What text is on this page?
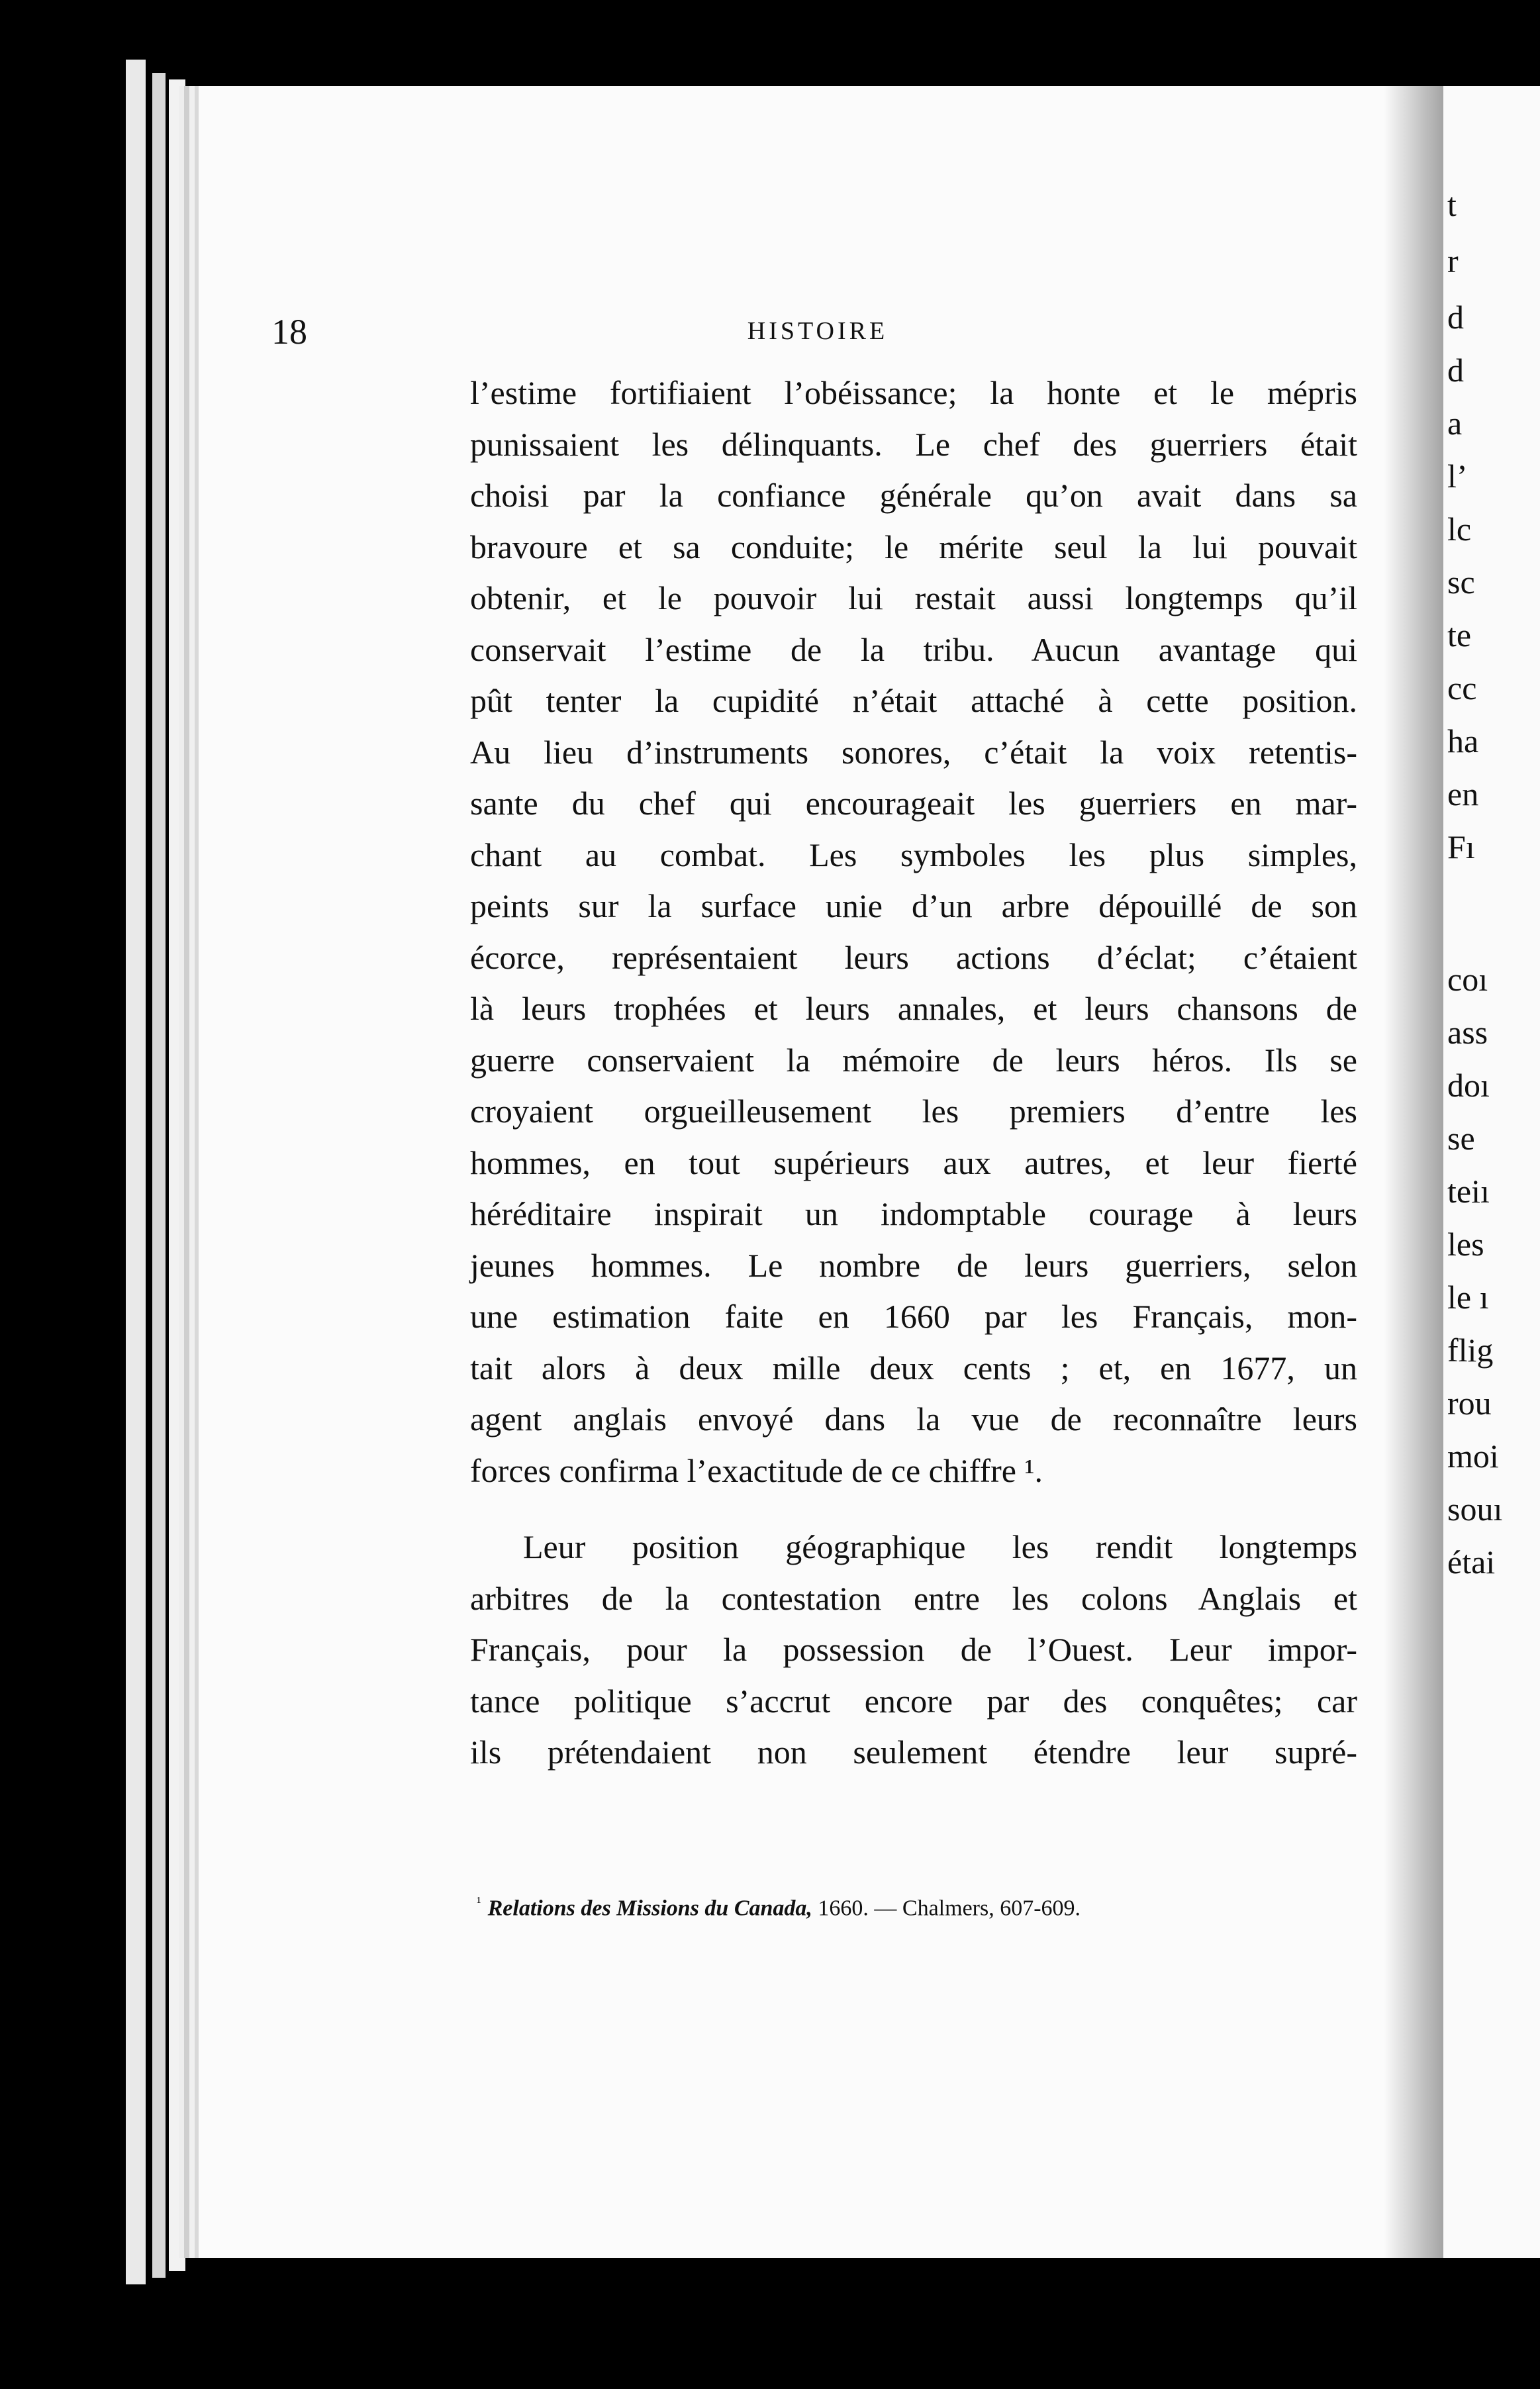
18	HISTOIRE
l’estime fortifiaient l’obéissance; la honte et le mépris
punissaient les délinquants. Le chef des guerriers était
choisi par la confiance générale qu’on avait dans sa
bravoure et sa conduite; le mérite seul la lui pouvait
obtenir, et le pouvoir lui restait aussi longtemps qu’il
conservait l’estime de la tribu. Aucun avantage qui
pût tenter la cupidité n’était attaché à cette position.
Au lieu d’instruments sonores, c’était la voix retentis-
sante du chef qui encourageait les guerriers en mar-
chant au combat. Les symboles les plus simples,
peints sur la surface unie d’un arbre dépouillé de son
écorce, représentaient leurs actions d’éclat; c’étaient
là leurs trophées et leurs annales, et leurs chansons de
guerre conservaient la mémoire de leurs héros. Ils se
croyaient orgueilleusement les premiers d’entre les
hommes, en tout supérieurs aux autres, et leur fierté
héréditaire inspirait un indomptable courage à leurs
jeunes hommes. Le nombre de leurs guerriers, selon
une estimation faite en 1660 par les Français, mon-
tait alors à deux mille deux cents ; et, en 1677, un
agent anglais envoyé dans la vue de reconnaître leurs
forces confirma l’exactitude de ce chiffre ¹.
Leur position géographique les rendit longtemps
arbitres de la contestation entre les colons Anglais et
Français, pour la possession de l’Ouest. Leur impor-
tance politique s’accrut encore par des conquêtes; car
ils prétendaient non seulement étendre leur supré-
$^{^1}$ Relations des Missions du Canada, 1660. — Chalmers, 607-609.
t
r
d
d
a
l’
lc
sc
te
cc
ha
en
Fı
coı
ass
doı
se
teiı
les
le ı
flig
rou
moi
souı
étai
